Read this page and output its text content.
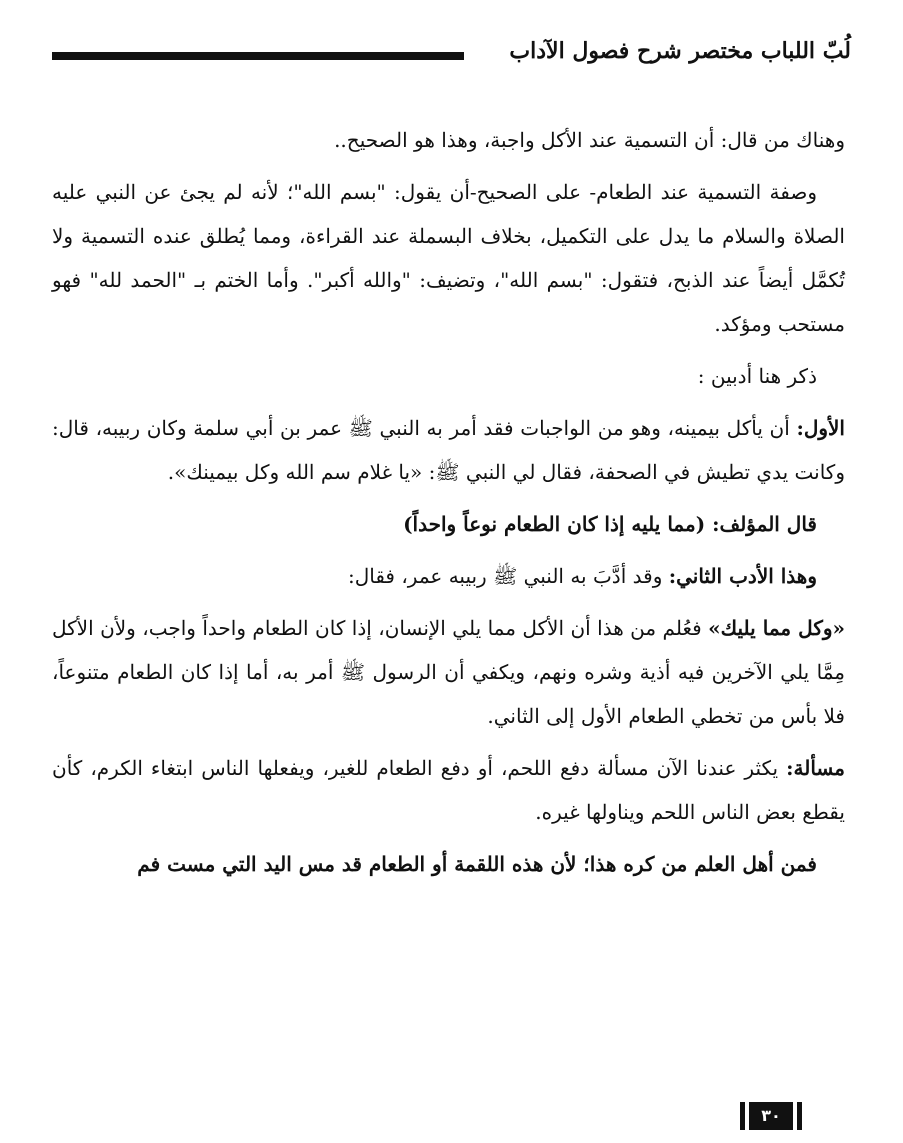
لُبّ اللباب مختصر شرح فصول الآداب

وهناك من قال: أن التسمية عند الأكل واجبة، وهذا هو الصحيح..

وصفة التسمية عند الطعام- على الصحيح-أن يقول: "بسم الله"؛ لأنه لم يجئ عن النبي عليه الصلاة والسلام ما يدل على التكميل، بخلاف البسملة عند القراءة، ومما يُطلق عنده التسمية ولا تُكمَّل أيضاً عند الذبح، فتقول: "بسم الله"، وتضيف: "والله أكبر". وأما الختم بـ "الحمد لله" فهو مستحب ومؤكد.

ذكر هنا أدبين :

الأول: أن يأكل بيمينه، وهو من الواجبات فقد أمر به النبي ﷺ عمر بن أبي سلمة وكان ربيبه، قال: وكانت يدي تطيش في الصحفة، فقال لي النبي ﷺ: «يا غلام سم الله وكل بيمينك».

قال المؤلف: (مما يليه إذا كان الطعام نوعاً واحداً)

وهذا الأدب الثاني: وقد أدَّبَ به النبي ﷺ ربيبه عمر، فقال:

«وكل مما يليك» فعُلم من هذا أن الأكل مما يلي الإنسان، إذا كان الطعام واحداً واجب، ولأن الأكل مِمَّا يلي الآخرين فيه أذية وشره ونهم، ويكفي أن الرسول ﷺ أمر به، أما إذا كان الطعام متنوعاً، فلا بأس من تخطي الطعام الأول إلى الثاني.

مسألة: يكثر عندنا الآن مسألة دفع اللحم، أو دفع الطعام للغير، ويفعلها الناس ابتغاء الكرم، كأن يقطع بعض الناس اللحم ويناولها غيره.

فمن أهل العلم من كره هذا؛ لأن هذه اللقمة أو الطعام قد مس اليد التي مست فم

٣٠
